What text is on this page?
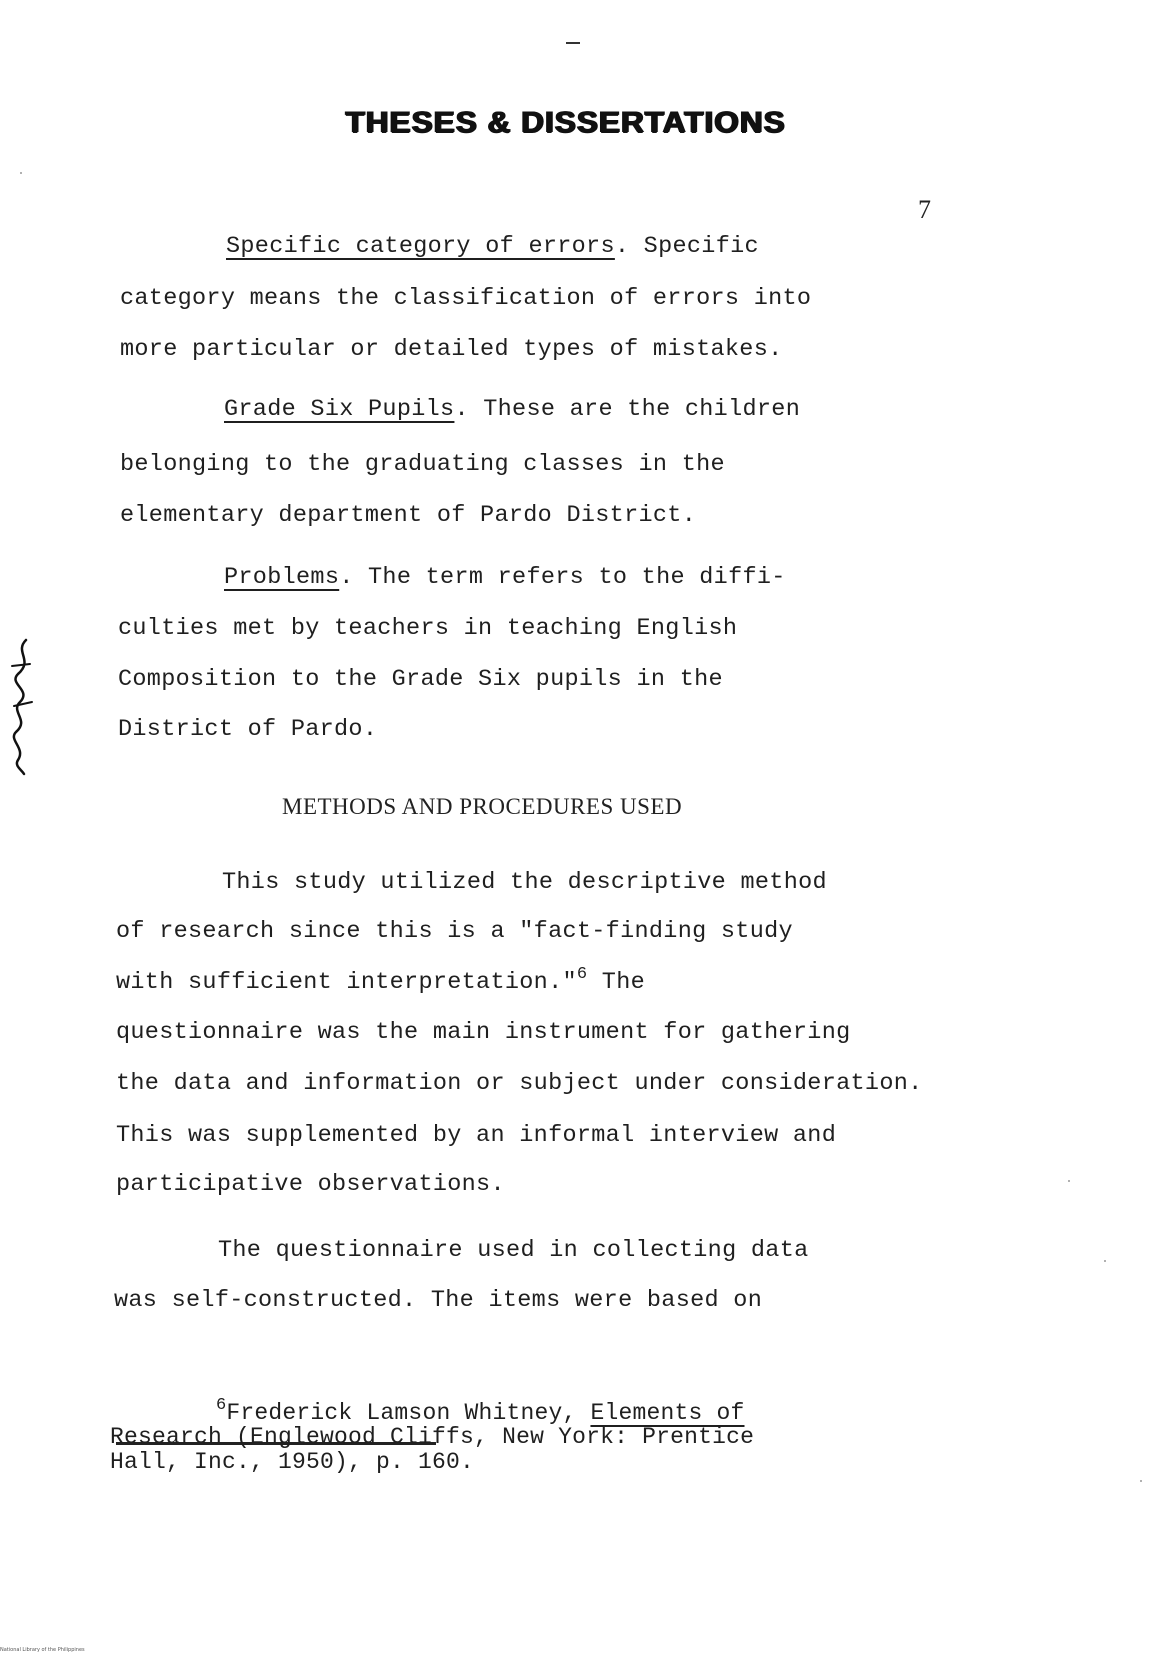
THESES & DISSERTATIONS
7
Specific category of errors. Specific
category means the classification of errors into
more particular or detailed types of mistakes.
Grade Six Pupils. These are the children
belonging to the graduating classes in the
elementary department of Pardo District.
Problems. The term refers to the diffi-
culties met by teachers in teaching English
Composition to the Grade Six pupils in the
District of Pardo.
METHODS AND PROCEDURES USED
This study utilized the descriptive method
of research since this is a "fact-finding study
with sufficient interpretation."$^6$ The
questionnaire was the main instrument for gathering
the data and information or subject under consideration.
This was supplemented by an informal interview and
participative observations.
The questionnaire used in collecting data
was self-constructed. The items were based on
$^6$Frederick Lamson Whitney, Elements of
Research (Englewood Cliffs, New York: Prentice
Hall, Inc., 1950), p. 160.
National Library of the Philippines
